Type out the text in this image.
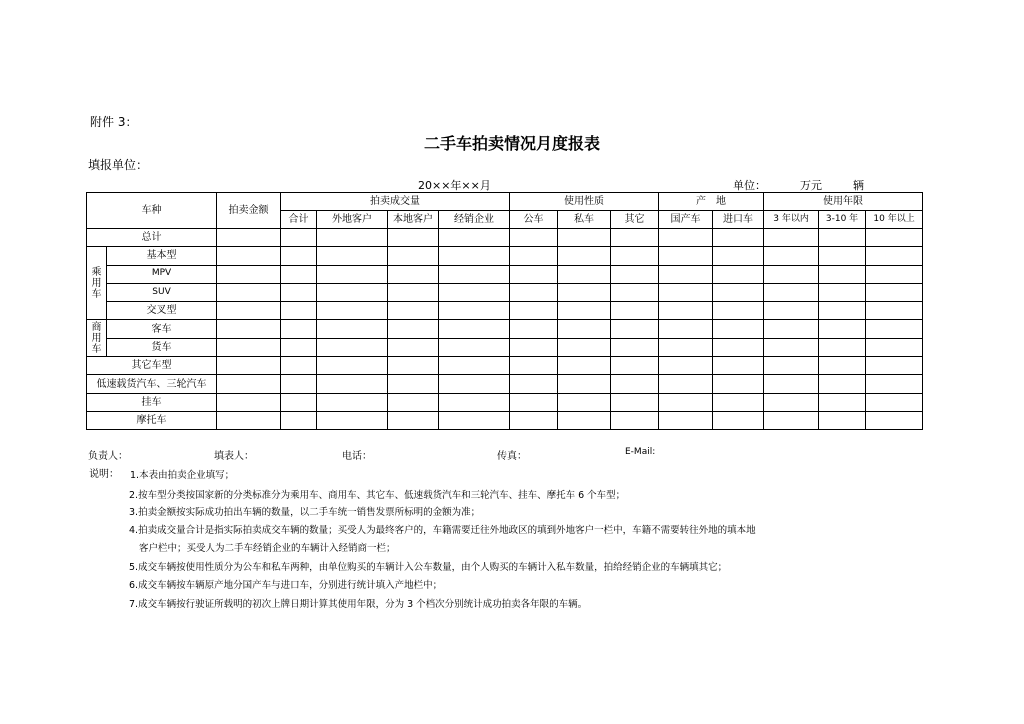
附件 3：
二手车拍卖情况月度报表
填报单位：
20××年××月	单位：	万元	辆
车种		拍卖金额	拍卖成交量				使用性质			产　地		使用年限		
			合计	外地客户	本地客户	经销企业	公车	私车	其它	国产车	进口车	3 年以内	3-10 年	10 年以上
总计														
乘用车	基本型													
	MPV													
	SUV													
	交叉型													
商用车	客车													
	货车													
其它车型														
低速载货汽车、三轮汽车														
挂车														
摩托车														
负责人：	填表人：	电话：	传真：	E-Mail:
说明： 1.本表由拍卖企业填写；
2.按车型分类按国家新的分类标准分为乘用车、商用车、其它车、低速载货汽车和三轮汽车、挂车、摩托车 6 个车型；
3.拍卖金额按实际成功拍出车辆的数量，以二手车统一销售发票所标明的金额为准；
4.拍卖成交量合计是指实际拍卖成交车辆的数量；买受人为最终客户的，车籍需要迁往外地政区的填到外地客户一栏中，车籍不需要转往外地的填本地
客户栏中；买受人为二手车经销企业的车辆计入经销商一栏；
5.成交车辆按使用性质分为公车和私车两种，由单位购买的车辆计入公车数量，由个人购买的车辆计入私车数量，拍给经销企业的车辆填其它；
6.成交车辆按车辆原产地分国产车与进口车，分别进行统计填入产地栏中；
7.成交车辆按行驶证所载明的初次上牌日期计算其使用年限，分为 3 个档次分别统计成功拍卖各年限的车辆。
